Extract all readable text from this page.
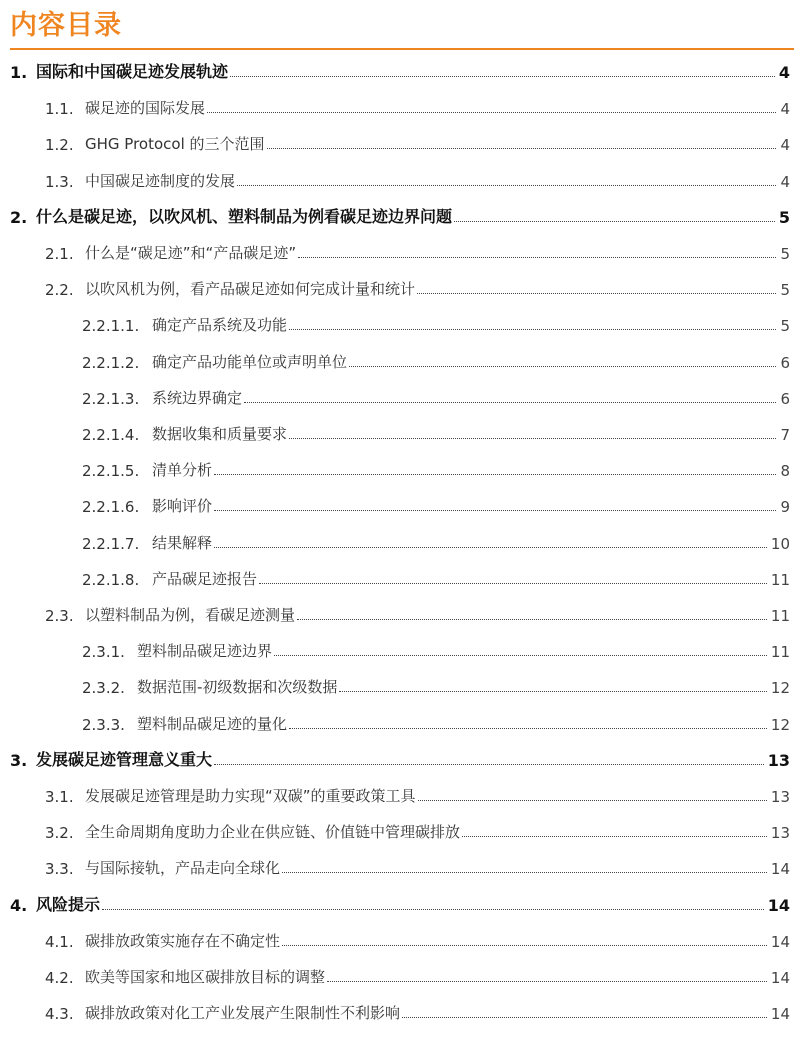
内容目录
1. 国际和中国碳足迹发展轨迹	4
1.1. 碳足迹的国际发展	4
1.2. GHG Protocol 的三个范围	4
1.3. 中国碳足迹制度的发展	4
2. 什么是碳足迹，以吹风机、塑料制品为例看碳足迹边界问题	5
2.1. 什么是“碳足迹”和“产品碳足迹”	5
2.2. 以吹风机为例，看产品碳足迹如何完成计量和统计	5
2.2.1.1. 确定产品系统及功能	5
2.2.1.2. 确定产品功能单位或声明单位	6
2.2.1.3. 系统边界确定	6
2.2.1.4. 数据收集和质量要求	7
2.2.1.5. 清单分析	8
2.2.1.6. 影响评价	9
2.2.1.7. 结果解释	10
2.2.1.8. 产品碳足迹报告	11
2.3. 以塑料制品为例，看碳足迹测量	11
2.3.1. 塑料制品碳足迹边界	11
2.3.2. 数据范围-初级数据和次级数据	12
2.3.3. 塑料制品碳足迹的量化	12
3. 发展碳足迹管理意义重大	13
3.1. 发展碳足迹管理是助力实现“双碳”的重要政策工具	13
3.2. 全生命周期角度助力企业在供应链、价值链中管理碳排放	13
3.3. 与国际接轨，产品走向全球化	14
4. 风险提示	14
4.1. 碳排放政策实施存在不确定性	14
4.2. 欧美等国家和地区碳排放目标的调整	14
4.3. 碳排放政策对化工产业发展产生限制性不利影响	14
